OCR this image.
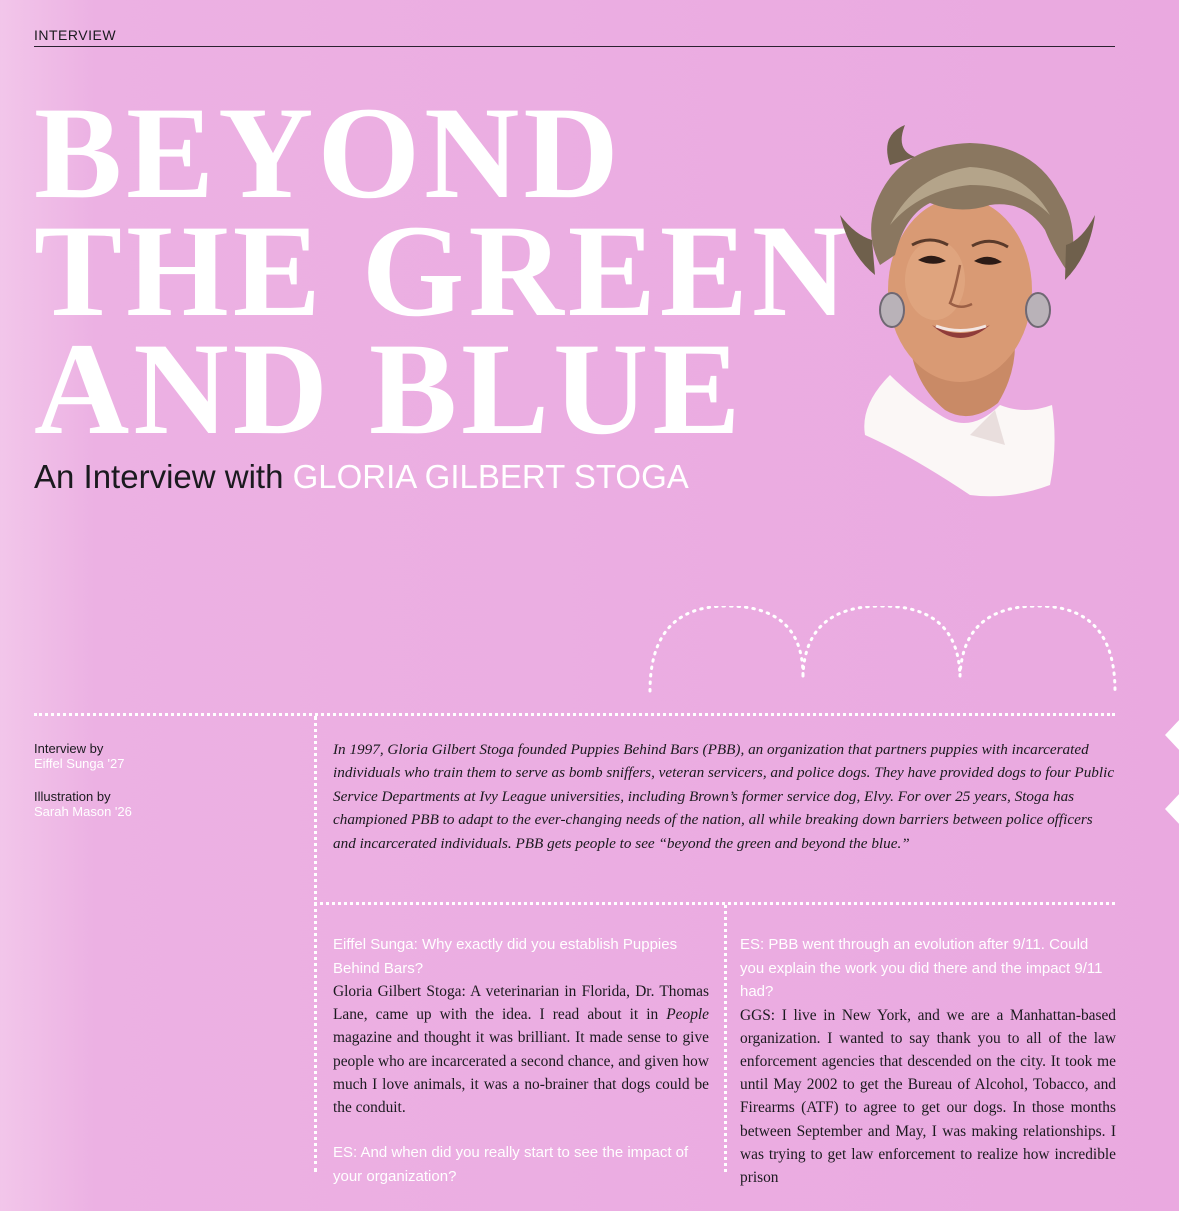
INTERVIEW
BEYOND
THE GREEN
AND BLUE
An Interview with GLORIA GILBERT STOGA
Interview by
Eiffel Sunga '27
Illustration by
Sarah Mason '26
In 1997, Gloria Gilbert Stoga founded Puppies Behind Bars (PBB), an organization that partners puppies with incarcerated individuals who train them to serve as bomb sniffers, veteran servicers, and police dogs. They have provided dogs to four Public Service Departments at Ivy League universities, including Brown’s former service dog, Elvy. For over 25 years, Stoga has championed PBB to adapt to the ever-changing needs of the nation, all while breaking down barriers between police officers and incarcerated individuals. PBB gets people to see “beyond the green and beyond the blue.”

Eiffel Sunga: Why exactly did you establish Puppies Behind Bars?

Gloria Gilbert Stoga: A veterinarian in Florida, Dr. Thomas Lane, came up with the idea. I read about it in People magazine and thought it was brilliant. It made sense to give people who are incarcerated a second chance, and given how much I love animals, it was a no-brainer that dogs could be the conduit.

ES: And when did you really start to see the impact of your organization?

ES: PBB went through an evolution after 9/11. Could you explain the work you did there and the impact 9/11 had?

GGS: I live in New York, and we are a Manhattan-based organization. I wanted to say thank you to all of the law enforcement agencies that descended on the city. It took me until May 2002 to get the Bureau of Alcohol, Tobacco, and Firearms (ATF) to agree to get our dogs. In those months between September and May, I was making relationships. I was trying to get law enforcement to realize how incredible prison
